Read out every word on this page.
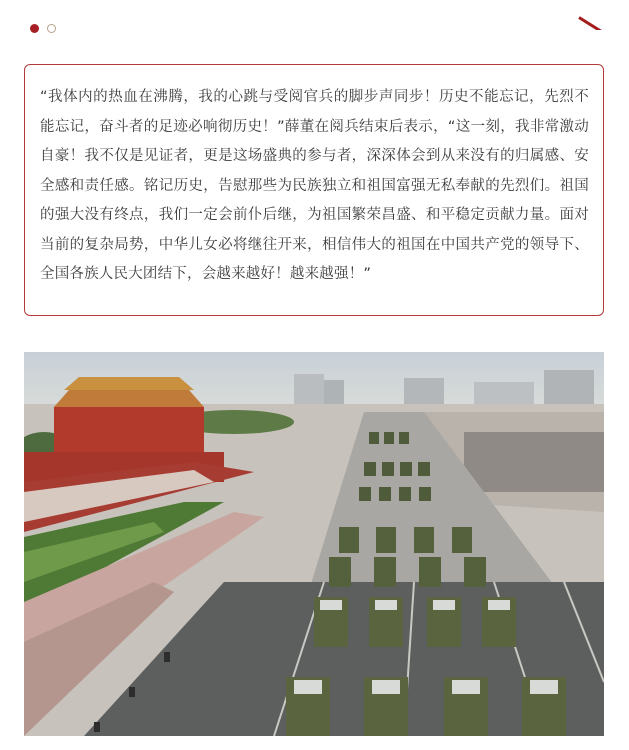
“我体内的热血在沸腾，我的心跳与受阅官兵的脚步声同步！历史不能忘记，先烈不能忘记，奋斗者的足迹必响彻历史！”薛董在阅兵结束后表示，“这一刻，我非常激动自豪！我不仅是见证者，更是这场盛典的参与者，深深体会到从来没有的归属感、安全感和责任感。铭记历史，告慰那些为民族独立和祖国富强无私奉献的先烈们。祖国的强大没有终点，我们一定会前仆后继，为祖国繁荣昌盛、和平稳定贡献力量。面对当前的复杂局势，中华儿女必将继往开来，相信伟大的祖国在中国共产党的领导下、全国各族人民大团结下，会越来越好！越来越强！”
